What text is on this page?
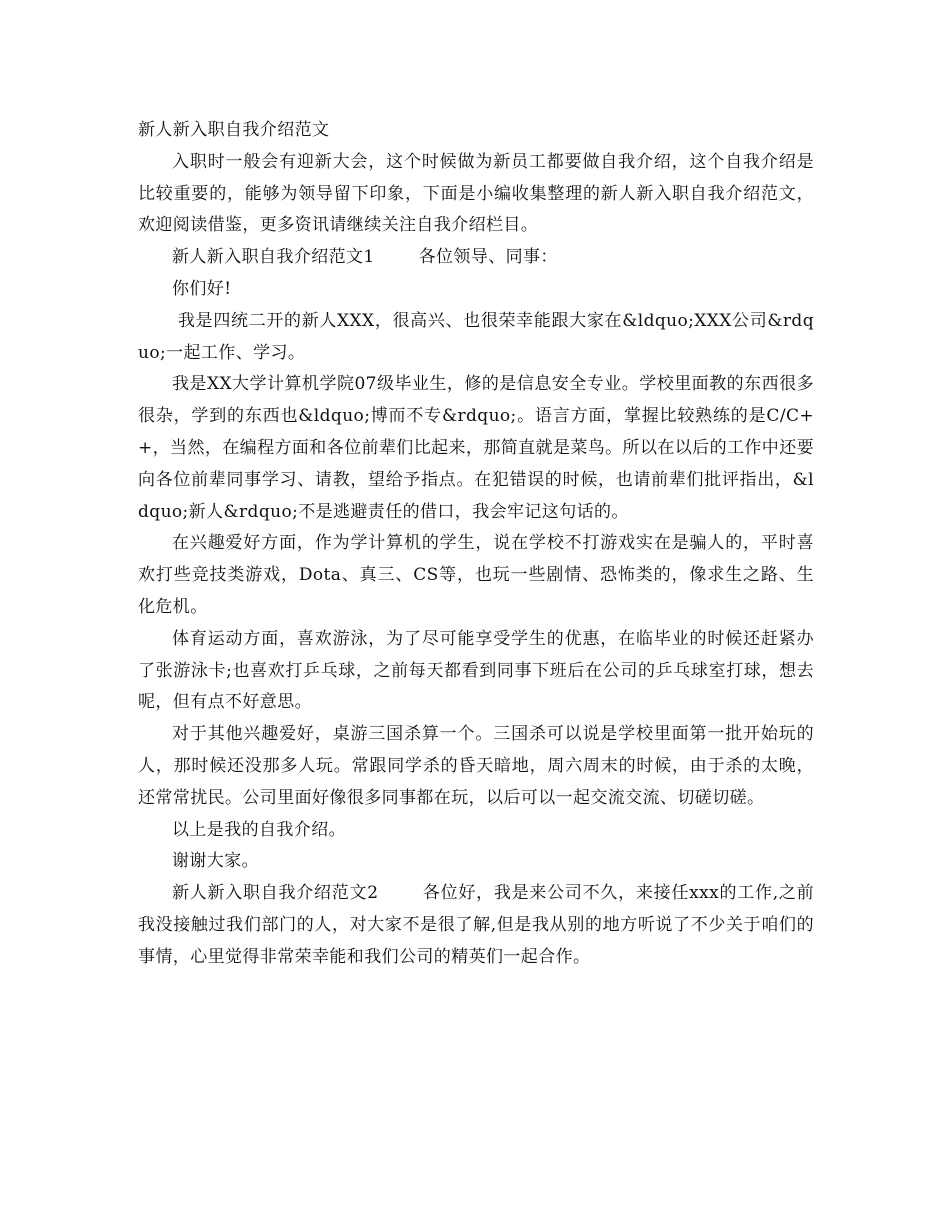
新人新入职自我介绍范文

入职时一般会有迎新大会，这个时候做为新员工都要做自我介绍，这个自我介绍是比较重要的，能够为领导留下印象，下面是小编收集整理的新人新入职自我介绍范文，欢迎阅读借鉴，更多资讯请继续关注自我介绍栏目。

新人新入职自我介绍范文1	各位领导、同事：

你们好!

我是四统二开的新人XXX，很高兴、也很荣幸能跟大家在&ldquo;XXX公司&rdquo;一起工作、学习。

我是XX大学计算机学院07级毕业生，修的是信息安全专业。学校里面教的东西很多很杂，学到的东西也&ldquo;博而不专&rdquo;。语言方面，掌握比较熟练的是C/C++，当然，在编程方面和各位前辈们比起来，那简直就是菜鸟。所以在以后的工作中还要向各位前辈同事学习、请教，望给予指点。在犯错误的时候，也请前辈们批评指出，&ldquo;新人&rdquo;不是逃避责任的借口，我会牢记这句话的。

在兴趣爱好方面，作为学计算机的学生，说在学校不打游戏实在是骗人的，平时喜欢打些竞技类游戏，Dota、真三、CS等，也玩一些剧情、恐怖类的，像求生之路、生化危机。

体育运动方面，喜欢游泳，为了尽可能享受学生的优惠，在临毕业的时候还赶紧办了张游泳卡;也喜欢打乒乓球，之前每天都看到同事下班后在公司的乒乓球室打球，想去呢，但有点不好意思。

对于其他兴趣爱好，桌游三国杀算一个。三国杀可以说是学校里面第一批开始玩的人，那时候还没那多人玩。常跟同学杀的昏天暗地，周六周末的时候，由于杀的太晚，还常常扰民。公司里面好像很多同事都在玩，以后可以一起交流交流、切磋切磋。

以上是我的自我介绍。

谢谢大家。

新人新入职自我介绍范文2	各位好，我是来公司不久，来接任xxx的工作,之前我没接触过我们部门的人，对大家不是很了解,但是我从别的地方听说了不少关于咱们的事情，心里觉得非常荣幸能和我们公司的精英们一起合作。
